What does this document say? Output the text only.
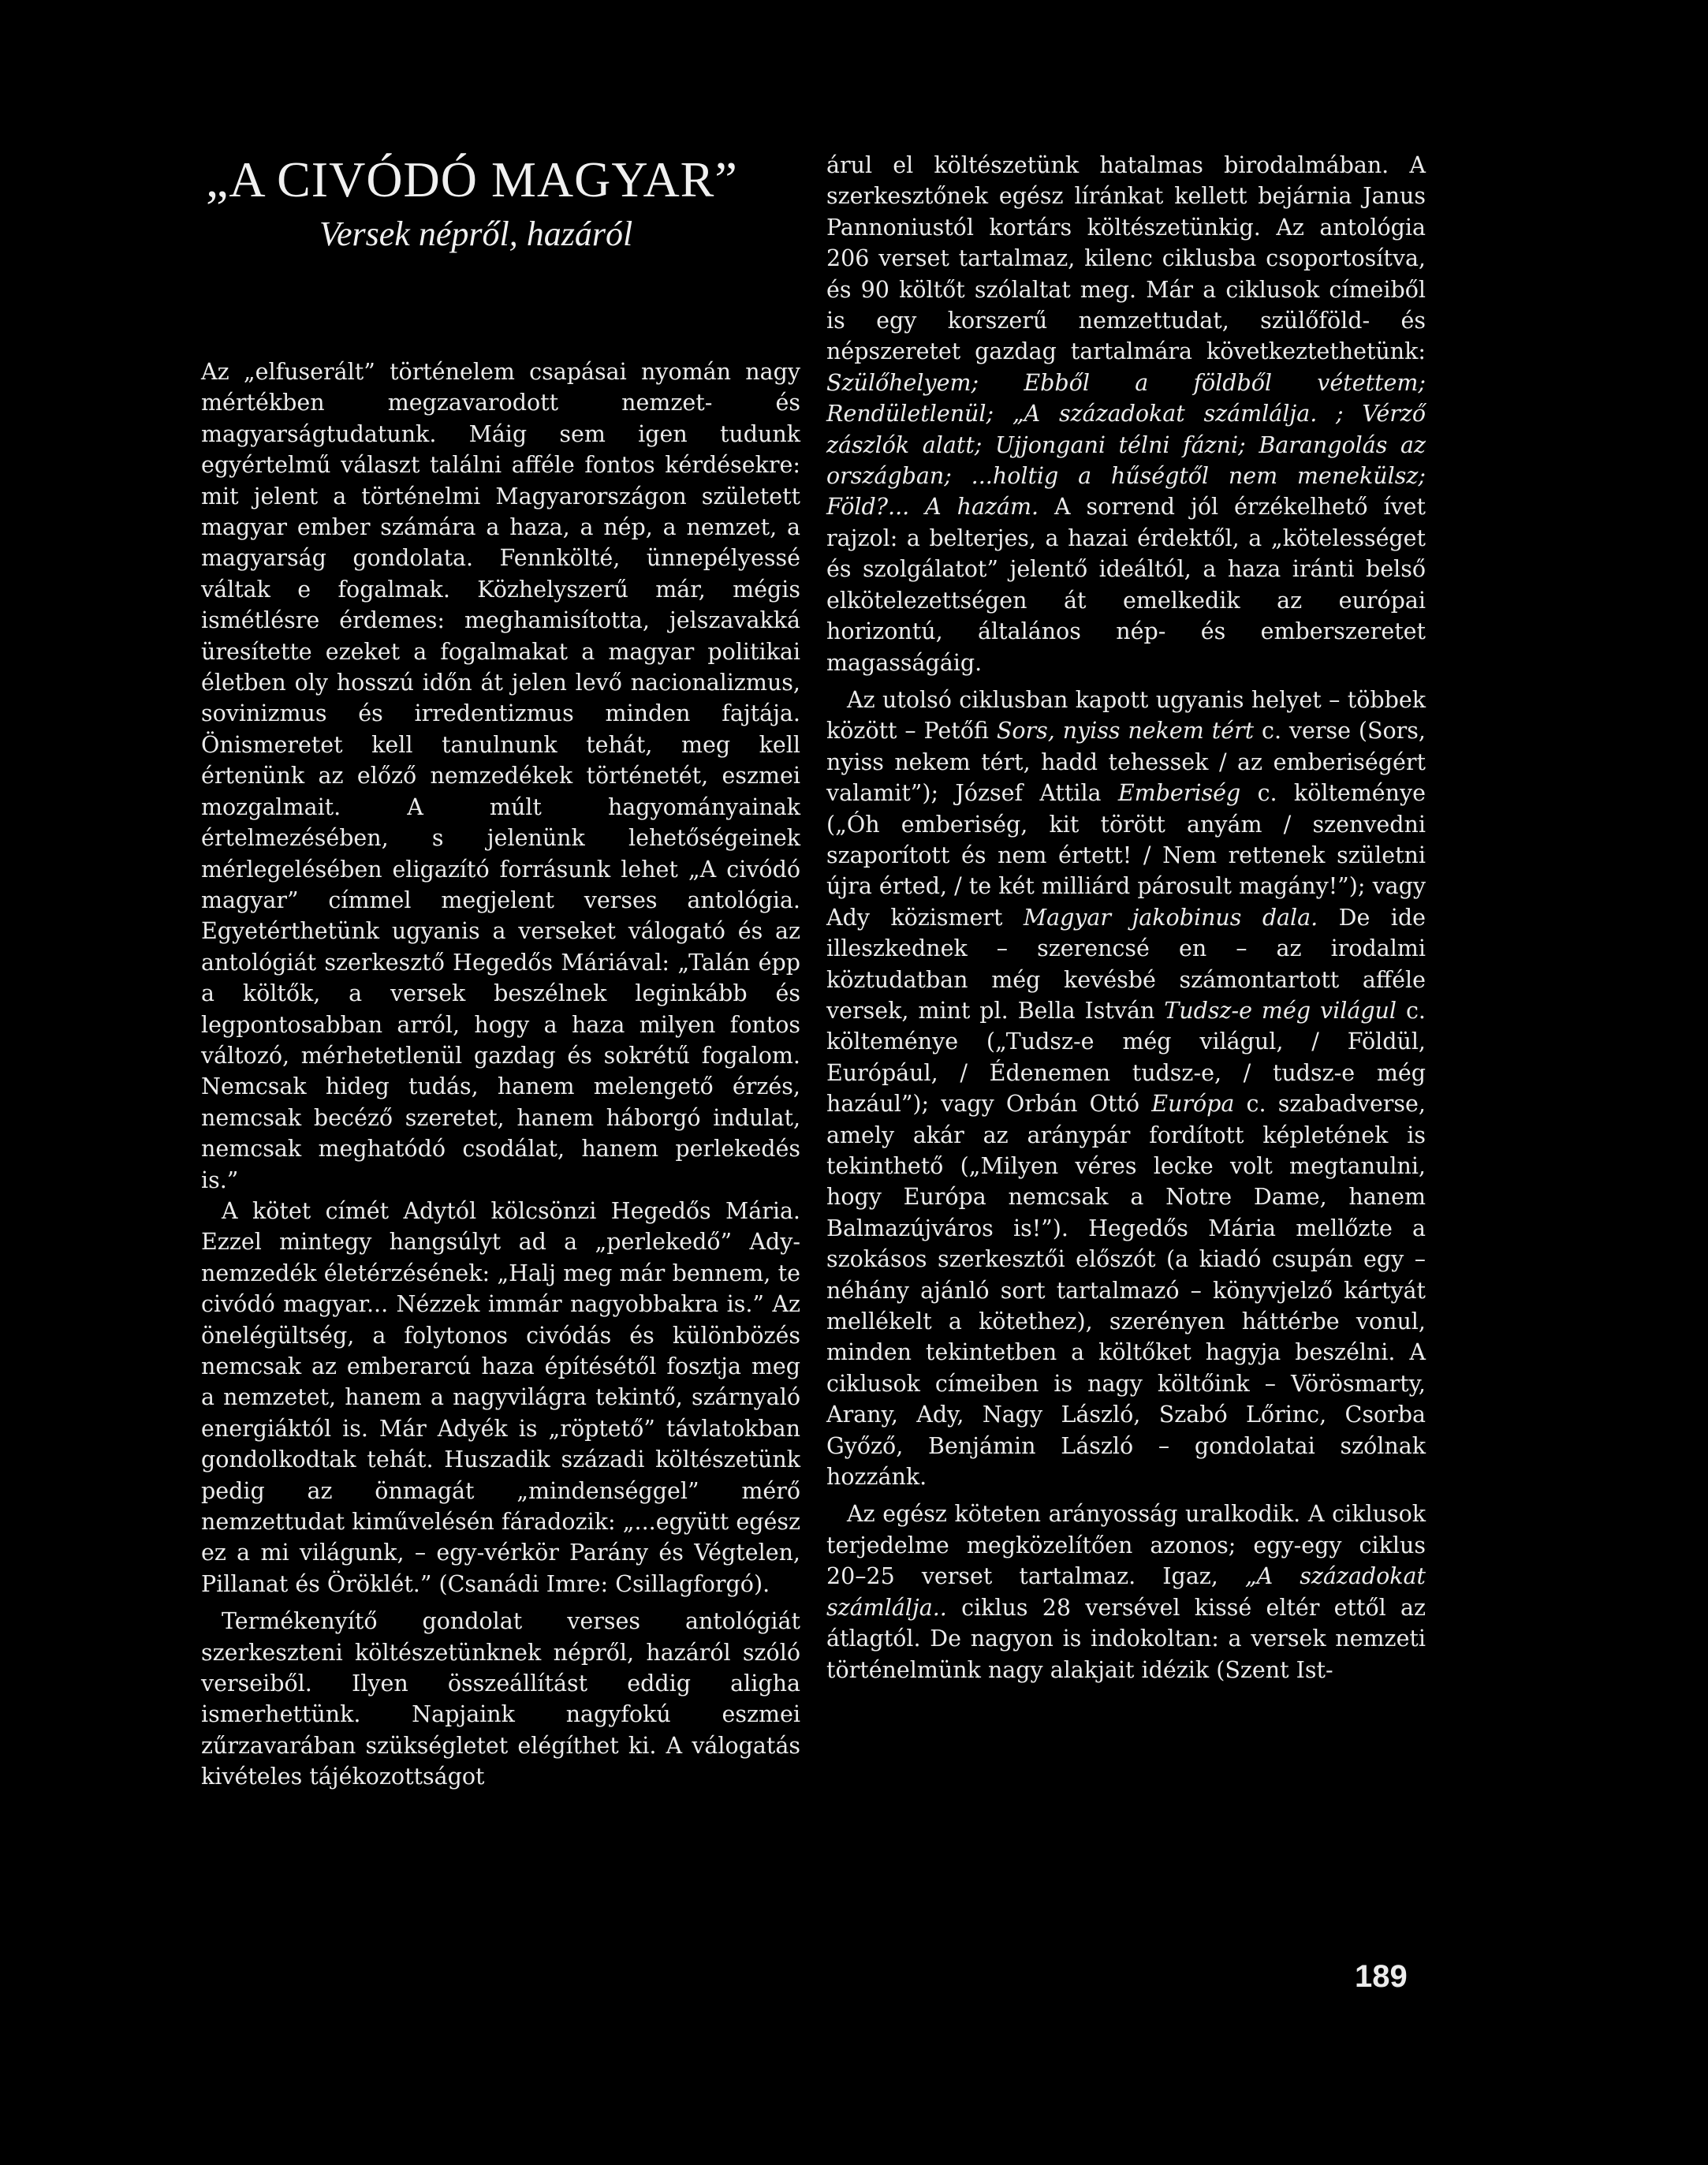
„A CIVÓDÓ MAGYAR”
Versek népről, hazáról

Az „elfuserált” történelem csapásai nyomán nagy mértékben megzavarodott nemzet- és magyarságtudatunk. Máig sem igen tudunk egyértelmű választ találni afféle fontos kérdésekre: mit jelent a történelmi Magyarországon született magyar ember számára a haza, a nép, a nemzet, a magyarság gondolata. Fennkölté, ünnepélyessé váltak e fogalmak. Közhelyszerű már, mégis ismétlésre érdemes: meghamisította, jelszavakká üresítette ezeket a fogalmakat a magyar politikai életben oly hosszú időn át jelen levő nacionalizmus, sovinizmus és irredentizmus minden fajtája. Önismeretet kell tanulnunk tehát, meg kell értenünk az előző nemzedékek történetét, eszmei mozgalmait. A múlt hagyományainak értelmezésében, s jelenünk lehetőségeinek mérlegelésében eligazító forrásunk lehet „A civódó magyar” címmel megjelent verses antológia. Egyetérthetünk ugyanis a verseket válogató és az antológiát szerkesztő Hegedős Máriával: „Talán épp a költők, a versek beszélnek leginkább és legpontosabban arról, hogy a haza milyen fontos változó, mérhetetlenül gazdag és sokrétű fogalom. Nemcsak hideg tudás, hanem melengető érzés, nemcsak becéző szeretet, hanem háborgó indulat, nemcsak meghatódó csodálat, hanem perlekedés is.”

A kötet címét Adytól kölcsönzi Hegedős Mária. Ezzel mintegy hangsúlyt ad a „perlekedő” Ady-nemzedék életérzésének: „Halj meg már bennem, te civódó magyar... Nézzek immár nagyobbakra is.” Az önelégültség, a folytonos civódás és különbözés nemcsak az emberarcú haza építésétől fosztja meg a nemzetet, hanem a nagyvilágra tekintő, szárnyaló energiáktól is. Már Adyék is „röptető” távlatokban gondolkodtak tehát. Huszadik századi költészetünk pedig az önmagát „mindenséggel” mérő nemzettudat kiművelésén fáradozik: „...együtt egész ez a mi világunk, – egy-vérkör Parány és Végtelen, Pillanat és Öröklét.” (Csanádi Imre: Csillagforgó).

Termékenyítő gondolat verses antológiát szerkeszteni költészetünknek népről, hazáról szóló verseiből. Ilyen összeállítást eddig aligha ismerhettünk. Napjaink nagyfokú eszmei zűrzavarában szükségletet elégíthet ki. A válogatás kivételes tájékozottságot

árul el költészetünk hatalmas birodalmában. A szerkesztőnek egész líránkat kellett bejárnia Janus Pannoniustól kortárs költészetünkig. Az antológia 206 verset tartalmaz, kilenc ciklusba csoportosítva, és 90 költőt szólaltat meg. Már a ciklusok címeiből is egy korszerű nemzettudat, szülőföld- és népszeretet gazdag tartalmára következtethetünk: Szülőhelyem; Ebből a földből vétettem; Rendületlenül; „A századokat számlálja. ; Vérző zászlók alatt; Ujjongani télni fázni; Barangolás az országban; ...holtig a hűségtől nem menekülsz; Föld?... A hazám. A sorrend jól érzékelhető ívet rajzol: a belterjes, a hazai érdektől, a „kötelességet és szolgálatot” jelentő ideáltól, a haza iránti belső elkötelezettségen át emelkedik az európai horizontú, általános nép- és emberszeretet magasságáig.

Az utolsó ciklusban kapott ugyanis helyet – többek között – Petőfi Sors, nyiss nekem tért c. verse (Sors, nyiss nekem tért, hadd tehessek / az emberiségért valamit”); József Attila Emberiség c. költeménye („Óh emberiség, kit törött anyám / szenvedni szaporított és nem értett! / Nem rettenek születni újra érted, / te két milliárd párosult magány!”); vagy Ady közismert Magyar jakobinus dala. De ide illeszkednek – szerencsé en – az irodalmi köztudatban még kevésbé számontartott afféle versek, mint pl. Bella István Tudsz-e még világul c. költeménye („Tudsz-e még világul, / Földül, Európául, / Édenemen tudsz-e, / tudsz-e még hazául”); vagy Orbán Ottó Európa c. szabadverse, amely akár az aránypár fordított képletének is tekinthető („Milyen véres lecke volt megtanulni, hogy Európa nemcsak a Notre Dame, hanem Balmazújváros is!”). Hegedős Mária mellőzte a szokásos szerkesztői előszót (a kiadó csupán egy – néhány ajánló sort tartalmazó – könyvjelző kártyát mellékelt a kötethez), szerényen háttérbe vonul, minden tekintetben a költőket hagyja beszélni. A ciklusok címeiben is nagy költőink – Vörösmarty, Arany, Ady, Nagy László, Szabó Lőrinc, Csorba Győző, Benjámin László – gondolatai szólnak hozzánk.

Az egész köteten arányosság uralkodik. A ciklusok terjedelme megközelítően azonos; egy-egy ciklus 20–25 verset tartalmaz. Igaz, „A századokat számlálja.. ciklus 28 versével kissé eltér ettől az átlagtól. De nagyon is indokoltan: a versek nemzeti történelmünk nagy alakjait idézik (Szent Ist-

189
